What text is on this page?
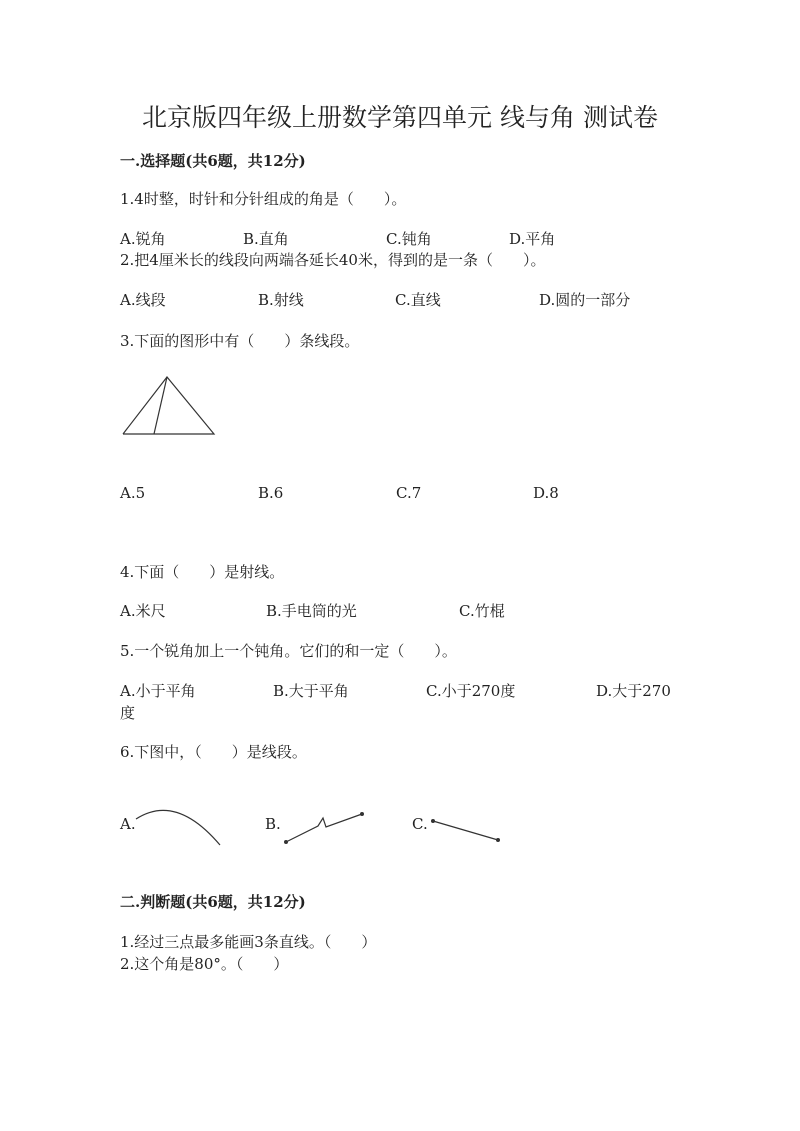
北京版四年级上册数学第四单元 线与角 测试卷
一.选择题(共6题，共12分)
1.4时整，时针和分针组成的角是（　　）。
A.锐角	B.直角	C.钝角	D.平角
2.把4厘米长的线段向两端各延长40米，得到的是一条（　　）。
A.线段	B.射线	C.直线	D.圆的一部分
3.下面的图形中有（　　）条线段。
A.5	B.6	C.7	D.8
4.下面（　　）是射线。
A.米尺	B.手电筒的光	C.竹棍
5.一个锐角加上一个钝角。它们的和一定（　　）。
A.小于平角	B.大于平角	C.小于270度	D.大于270
度
6.下图中，（　　）是线段。
A.	B.	C.
二.判断题(共6题，共12分)
1.经过三点最多能画3条直线。（　　）
2.这个角是80°。（　　）
